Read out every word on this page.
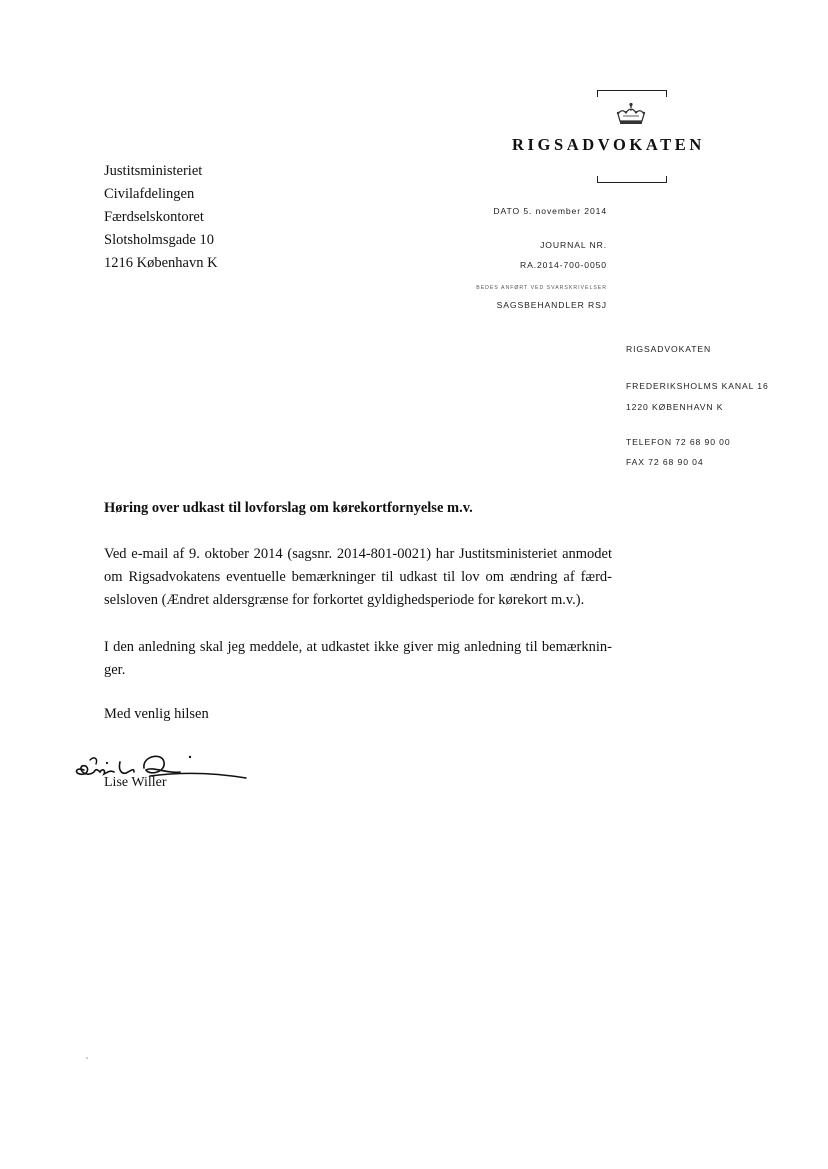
RIGSADVOKATEN
Justitsministeriet
Civilafdelingen
Færdselskontoret
Slotsholmsgade 10
1216 København K
DATO 5. november 2014
JOURNAL NR.
RA.2014-700-0050
BEDES ANFØRT VED SVARSKRIVELSER
SAGSBEHANDLER RSJ
RIGSADVOKATEN
FREDERIKSHOLMS KANAL 16
1220 KØBENHAVN K
TELEFON 72 68 90 00
FAX 72 68 90 04
Høring over udkast til lovforslag om kørekortfornyelse m.v.
Ved e-mail af 9. oktober 2014 (sagsnr. 2014-801-0021) har Justitsministeriet anmodet
om Rigsadvokatens eventuelle bemærkninger til udkast til lov om ændring af færd-
selsloven (Ændret aldersgrænse for forkortet gyldighedsperiode for kørekort m.v.).
I den anledning skal jeg meddele, at udkastet ikke giver mig anledning til bemærknin-
ger.
Med venlig hilsen
Lise Willer
